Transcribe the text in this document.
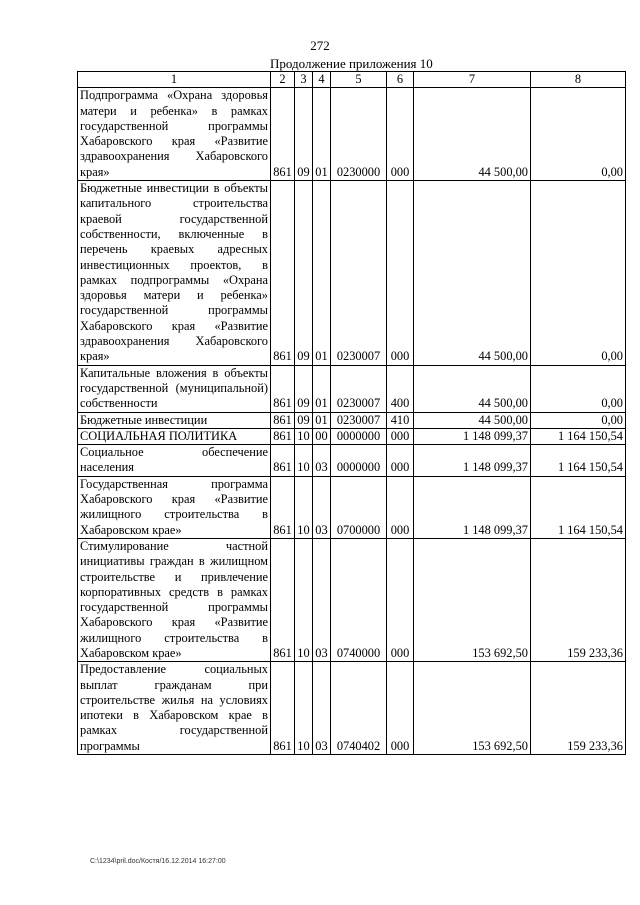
272
Продолжение приложения 10
1	2	3	4	5	6	7	8
Подпрограмма «Охрана здоровья матери и ребенка» в рамках государственной программы Хабаровского края «Развитие здравоохранения Хабаровского края»	861	09	01	0230000	000	44 500,00	0,00
Бюджетные инвестиции в объекты капитального строительства краевой государственной собственности, включенные в перечень краевых адресных инвестиционных проектов, в рамках подпрограммы «Охрана здоровья матери и ребенка» государственной программы Хабаровского края «Развитие здравоохранения Хабаровского края»	861	09	01	0230007	000	44 500,00	0,00
Капитальные вложения в объекты государственной (муниципальной) собственности	861	09	01	0230007	400	44 500,00	0,00
Бюджетные инвестиции	861	09	01	0230007	410	44 500,00	0,00
СОЦИАЛЬНАЯ ПОЛИТИКА	861	10	00	0000000	000	1 148 099,37	1 164 150,54
Социальное обеспечение населения	861	10	03	0000000	000	1 148 099,37	1 164 150,54
Государственная программа Хабаровского края «Развитие жилищного строительства в Хабаровском крае»	861	10	03	0700000	000	1 148 099,37	1 164 150,54
Стимулирование частной инициативы граждан в жилищном строительстве и привлечение корпоративных средств в рамках государственной программы Хабаровского края «Развитие жилищного строительства в Хабаровском крае»	861	10	03	0740000	000	153 692,50	159 233,36
Предоставление социальных выплат гражданам при строительстве жилья на условиях ипотеки в Хабаровском крае в рамках государственной программы	861	10	03	0740402	000	153 692,50	159 233,36
C:\1234\pril.doc/Костя/16.12.2014 16:27:00
